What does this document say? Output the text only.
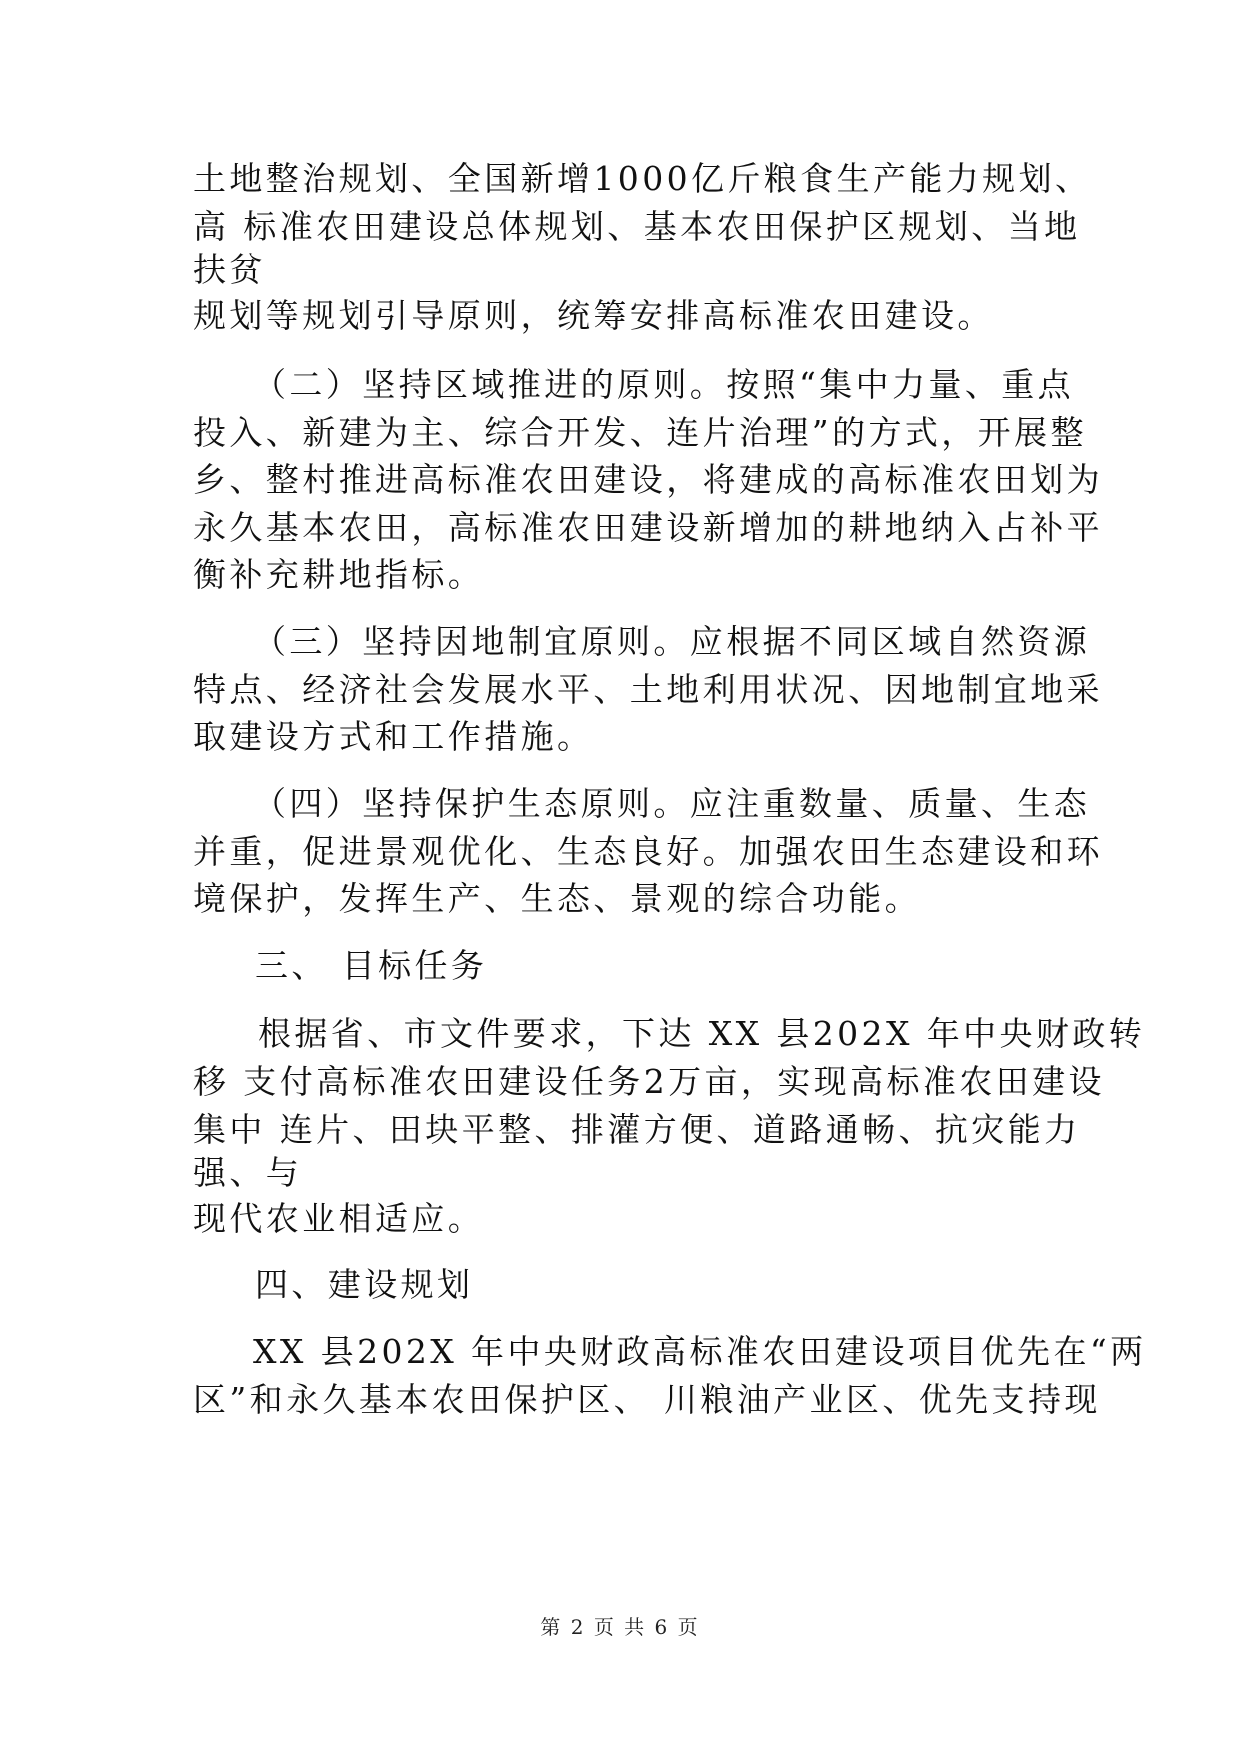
土地整治规划、全国新增1000亿斤粮食生产能力规划、
高 标准农田建设总体规划、基本农田保护区规划、当地
扶贫
规划等规划引导原则，统筹安排高标准农田建设。
（二）坚持区域推进的原则。按照“集中力量、重点
投入、新建为主、综合开发、连片治理”的方式，开展整
乡、整村推进高标准农田建设，将建成的高标准农田划为
永久基本农田，高标准农田建设新增加的耕地纳入占补平
衡补充耕地指标。
（三）坚持因地制宜原则。应根据不同区域自然资源
特点、经济社会发展水平、土地利用状况、因地制宜地采
取建设方式和工作措施。
（四）坚持保护生态原则。应注重数量、质量、生态
并重，促进景观优化、生态良好。加强农田生态建设和环
境保护，发挥生产、生态、景观的综合功能。
三、 目标任务
根据省、市文件要求，下达 XX 县202X 年中央财政转
移 支付高标准农田建设任务2万亩，实现高标准农田建设
集中 连片、田块平整、排灌方便、道路通畅、抗灾能力
强、与
现代农业相适应。
四、建设规划
XX 县202X 年中央财政高标准农田建设项目优先在“两
区”和永久基本农田保护区、 川粮油产业区、优先支持现
第 2 页 共 6 页
